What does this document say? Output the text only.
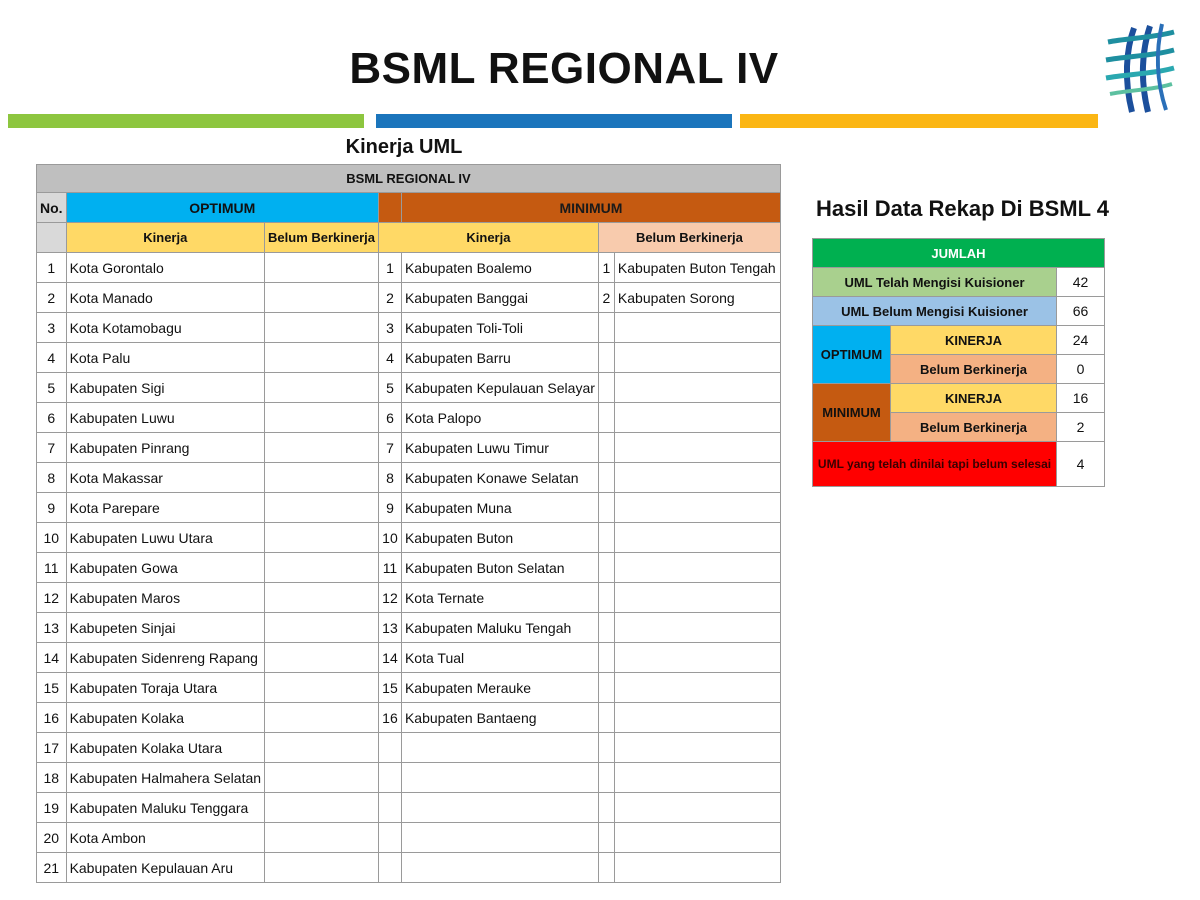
BSML REGIONAL IV
Kinerja UML
BSML REGIONAL IV						
No.	OPTIMUM			MINIMUM		
	Kinerja	Belum Berkinerja	Kinerja		Belum Berkinerja	
1	Kota Gorontalo		1	Kabupaten Boalemo	1	Kabupaten Buton Tengah
2	Kota Manado		2	Kabupaten Banggai	2	Kabupaten Sorong
3	Kota Kotamobagu		3	Kabupaten Toli-Toli		
4	Kota Palu		4	Kabupaten Barru		
5	Kabupaten Sigi		5	Kabupaten Kepulauan Selayar		
6	Kabupaten Luwu		6	Kota Palopo		
7	Kabupaten Pinrang		7	Kabupaten Luwu Timur		
8	Kota Makassar		8	Kabupaten Konawe Selatan		
9	Kota Parepare		9	Kabupaten Muna		
10	Kabupaten Luwu Utara		10	Kabupaten Buton		
11	Kabupaten Gowa		11	Kabupaten Buton Selatan		
12	Kabupaten Maros		12	Kota Ternate		
13	Kabupeten Sinjai		13	Kabupaten Maluku Tengah		
14	Kabupaten Sidenreng Rapang		14	Kota Tual		
15	Kabupaten Toraja Utara		15	Kabupaten Merauke		
16	Kabupaten Kolaka		16	Kabupaten Bantaeng		
17	Kabupaten Kolaka Utara					
18	Kabupaten Halmahera Selatan					
19	Kabupaten Maluku Tenggara					
20	Kota Ambon					
21	Kabupaten Kepulauan Aru					
Hasil Data Rekap Di BSML 4
JUMLAH		
UML Telah Mengisi Kuisioner		42
UML Belum Mengisi Kuisioner		66
OPTIMUM	KINERJA	24
	Belum Berkinerja	0
MINIMUM	KINERJA	16
	Belum Berkinerja	2
UML yang telah dinilai tapi belum selesai		4
